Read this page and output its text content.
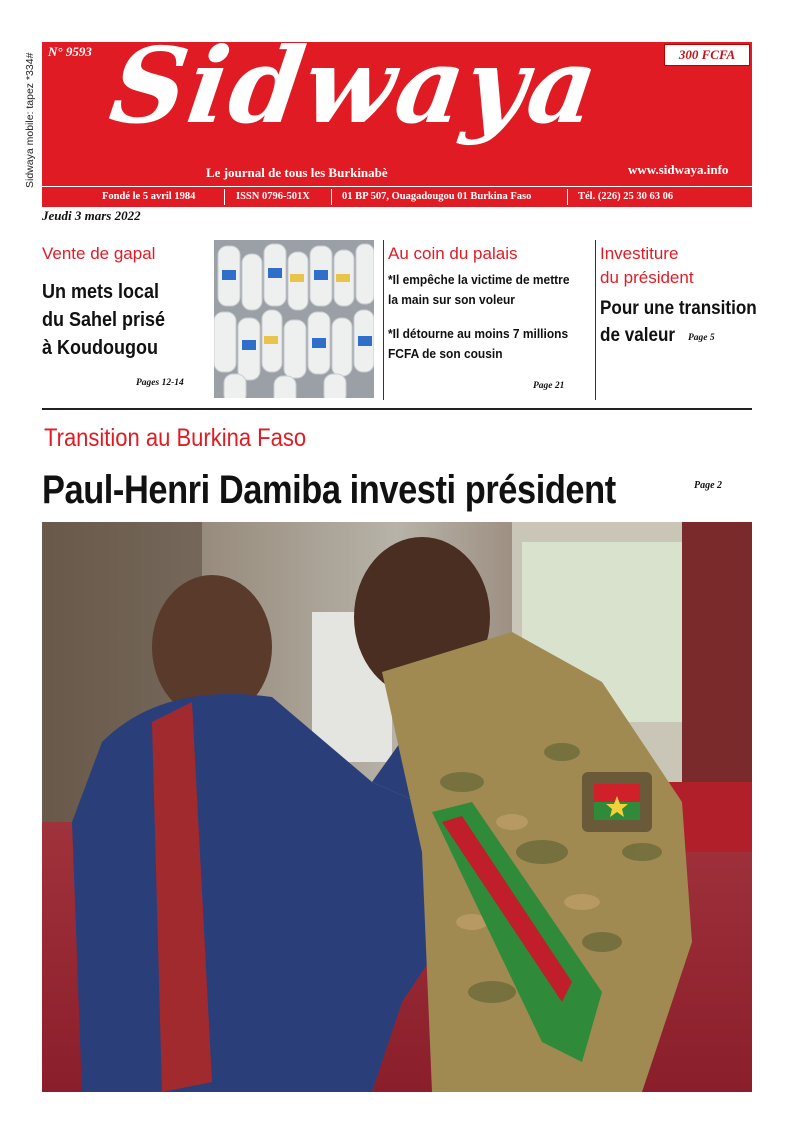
Sidwaya mobile: tapez *334#
N° 9593 Sidwaya	300 FCFA
Le journal de tous les Burkinabè	www.sidwaya.info
Fondé le 5 avril 1984	ISSN 0796-501X	01 BP 507, Ouagadougou 01 Burkina Faso	Tél. (226) 25 30 63 06
Jeudi 3 mars 2022
Vente de gapal
Un mets local
du Sahel prisé
à Koudougou
Pages 12-14
Au coin du palais
*Il empêche la victime de mettre
la main sur son voleur
*Il détourne au moins 7 millions
FCFA de son cousin
Page 21
Investiture
du président
Pour une transition
de valeur	Page 5
Transition au Burkina Faso
Paul-Henri Damiba investi président	Page 2
